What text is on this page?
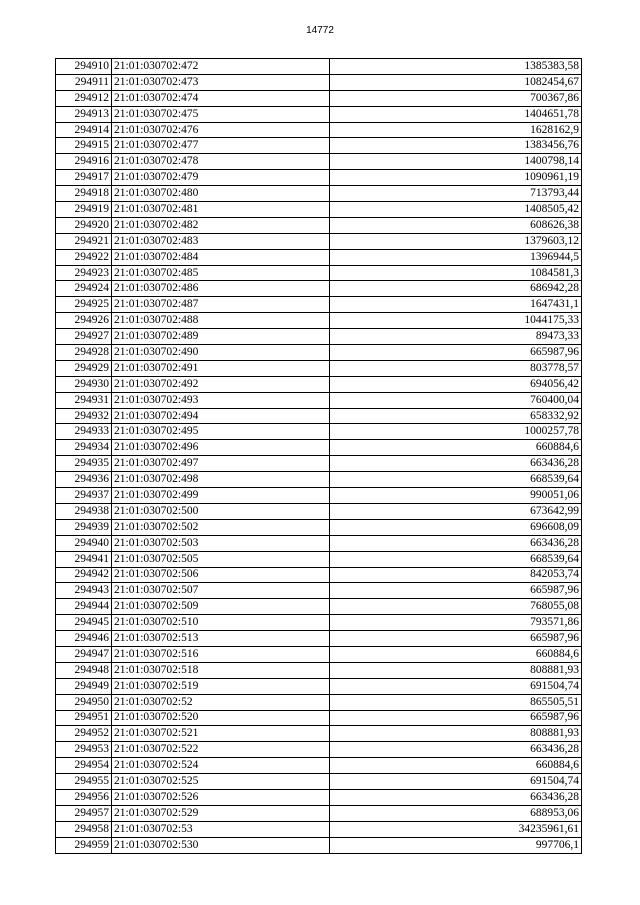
14772
294910	21:01:030702:472	1385383,58
294911	21:01:030702:473	1082454,67
294912	21:01:030702:474	700367,86
294913	21:01:030702:475	1404651,78
294914	21:01:030702:476	1628162,9
294915	21:01:030702:477	1383456,76
294916	21:01:030702:478	1400798,14
294917	21:01:030702:479	1090961,19
294918	21:01:030702:480	713793,44
294919	21:01:030702:481	1408505,42
294920	21:01:030702:482	608626,38
294921	21:01:030702:483	1379603,12
294922	21:01:030702:484	1396944,5
294923	21:01:030702:485	1084581,3
294924	21:01:030702:486	686942,28
294925	21:01:030702:487	1647431,1
294926	21:01:030702:488	1044175,33
294927	21:01:030702:489	89473,33
294928	21:01:030702:490	665987,96
294929	21:01:030702:491	803778,57
294930	21:01:030702:492	694056,42
294931	21:01:030702:493	760400,04
294932	21:01:030702:494	658332,92
294933	21:01:030702:495	1000257,78
294934	21:01:030702:496	660884,6
294935	21:01:030702:497	663436,28
294936	21:01:030702:498	668539,64
294937	21:01:030702:499	990051,06
294938	21:01:030702:500	673642,99
294939	21:01:030702:502	696608,09
294940	21:01:030702:503	663436,28
294941	21:01:030702:505	668539,64
294942	21:01:030702:506	842053,74
294943	21:01:030702:507	665987,96
294944	21:01:030702:509	768055,08
294945	21:01:030702:510	793571,86
294946	21:01:030702:513	665987,96
294947	21:01:030702:516	660884,6
294948	21:01:030702:518	808881,93
294949	21:01:030702:519	691504,74
294950	21:01:030702:52	865505,51
294951	21:01:030702:520	665987,96
294952	21:01:030702:521	808881,93
294953	21:01:030702:522	663436,28
294954	21:01:030702:524	660884,6
294955	21:01:030702:525	691504,74
294956	21:01:030702:526	663436,28
294957	21:01:030702:529	688953,06
294958	21:01:030702:53	34235961,61
294959	21:01:030702:530	997706,1
